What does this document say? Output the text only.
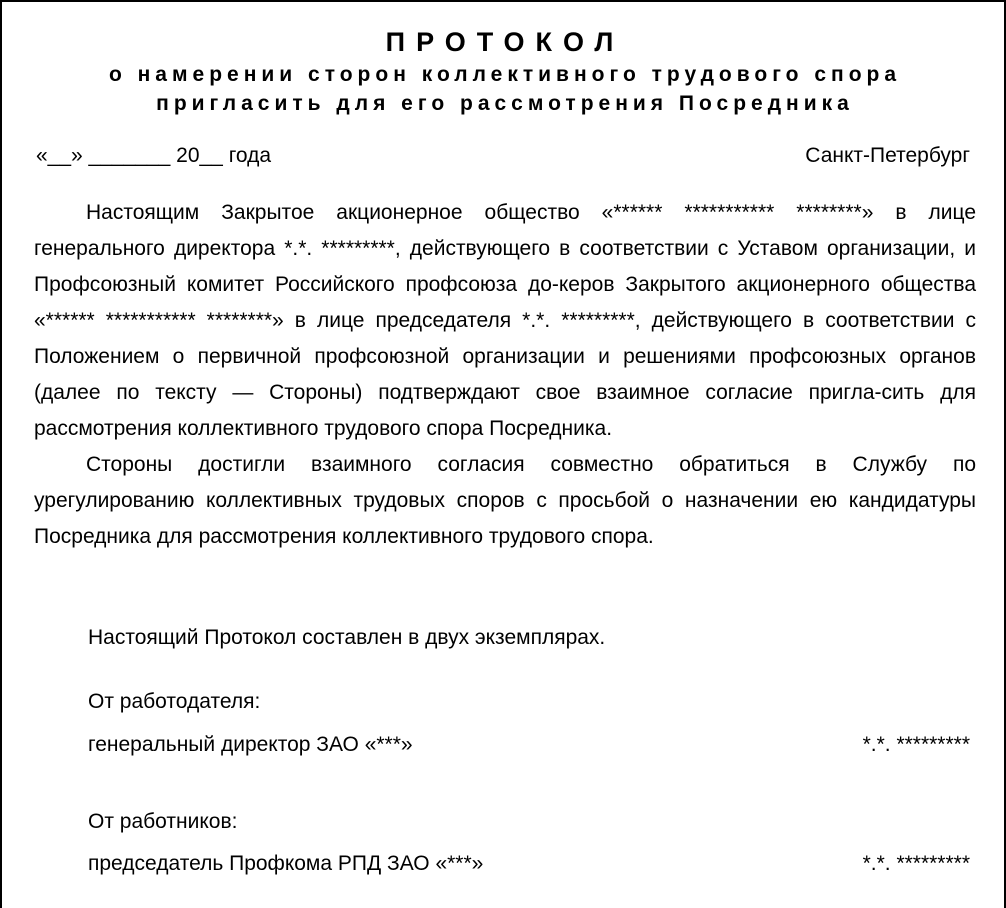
ПРОТОКОЛ
о намерении сторон коллективного трудового спора
пригласить для его рассмотрения Посредника
«__» _______ 20__ года	Санкт-Петербург

Настоящим Закрытое акционерное общество «****** *********** ********» в лице генерального директора *.*. *********, действующего в соответствии с Уставом организации, и Профсоюзный комитет Российского профсоюза до-керов Закрытого акционерного общества «****** *********** ********» в лице председателя *.*. *********, действующего в соответствии с Положением о первичной профсоюзной организации и решениями профсоюзных органов (далее по тексту — Стороны) подтверждают свое взаимное согласие пригла-сить для рассмотрения коллективного трудового спора Посредника.

Стороны достигли взаимного согласия совместно обратиться в Службу по урегулированию коллективных трудовых споров с просьбой о назначении ею кандидатуры Посредника для рассмотрения коллективного трудового спора.

Настоящий Протокол составлен в двух экземплярах.
От работодателя:
генеральный директор ЗАО «***»	*.*. *********
От работников:
председатель Профкома РПД ЗАО «***»	*.*. *********
